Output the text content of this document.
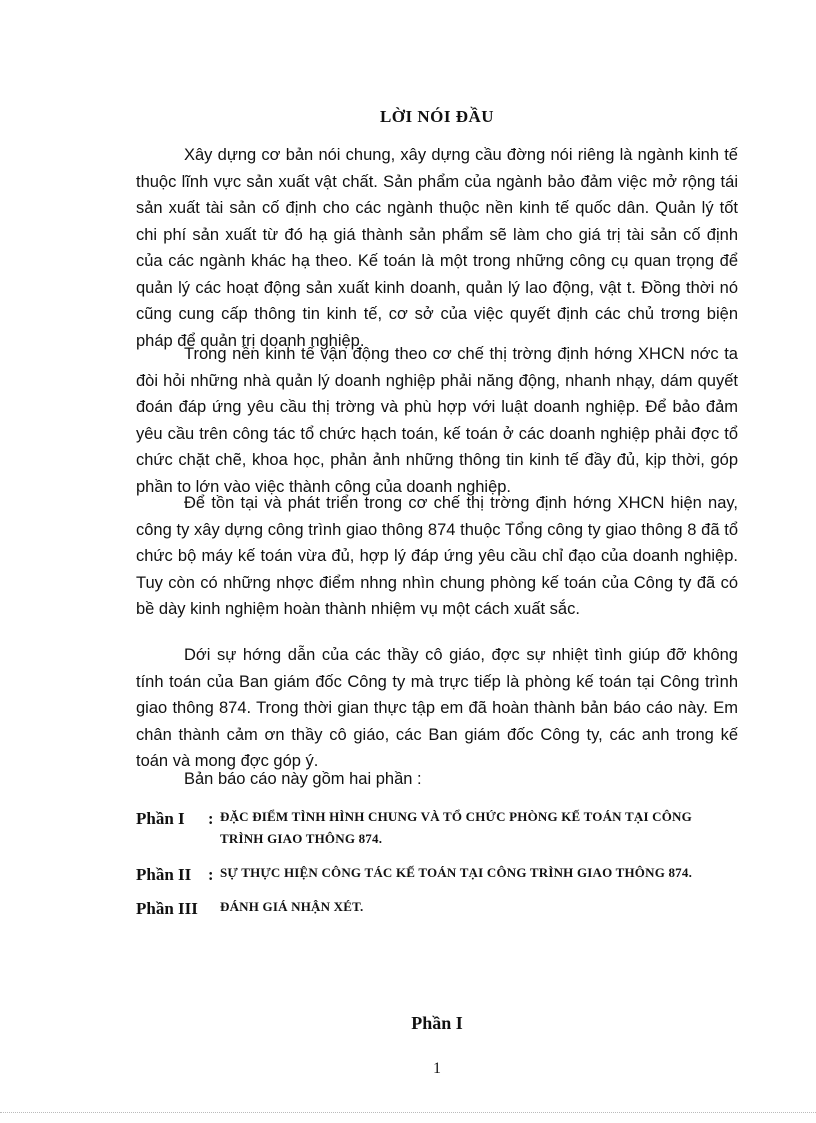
LỜI NÓI ĐẦU

Xây dựng cơ bản nói chung, xây dựng cầu đờng nói riêng là ngành kinh tế thuộc lĩnh vực sản xuất vật chất. Sản phẩm của ngành bảo đảm việc mở rộng tái sản xuất tài sản cố định cho các ngành thuộc nền kinh tế quốc dân. Quản lý tốt chi phí sản xuất từ đó hạ giá thành sản phẩm sẽ làm cho giá trị tài sản cố định của các ngành khác hạ theo. Kế toán là một trong những công cụ quan trọng để quản lý các hoạt động sản xuất kinh doanh, quản lý lao động, vật t. Đồng thời nó cũng cung cấp thông tin kinh tế, cơ sở của việc quyết định các chủ trơng biện pháp để quản trị doanh nghiệp.

Trong nền kinh tế vận động theo cơ chế thị trờng định hớng XHCN nớc ta đòi hỏi những nhà quản lý doanh nghiệp phải năng động, nhanh nhạy, dám quyết đoán đáp ứng yêu cầu thị trờng và phù hợp với luật doanh nghiệp. Để bảo đảm yêu cầu trên công tác tổ chức hạch toán, kế toán ở các doanh nghiệp phải đợc tổ chức chặt chẽ, khoa học, phản ảnh những thông tin kinh tế đầy đủ, kịp thời, góp phần to lớn vào việc thành công của doanh nghiệp.

Để tồn tại và phát triển trong cơ chế thị trờng định hớng XHCN hiện nay, công ty xây dựng công trình giao thông 874 thuộc Tổng công ty giao thông 8 đã tổ chức bộ máy kế toán vừa đủ, hợp lý đáp ứng yêu cầu chỉ đạo của doanh nghiệp. Tuy còn có những nhợc điểm nhng nhìn chung phòng kế toán của Công ty đã có bề dày kinh nghiệm hoàn thành nhiệm vụ một cách xuất sắc.

Dới sự hớng dẫn của các thầy cô giáo, đợc sự nhiệt tình giúp đỡ không tính toán của Ban giám đốc Công ty mà trực tiếp là phòng kế toán tại Công trình giao thông 874. Trong thời gian thực tập em đã hoàn thành bản báo cáo này. Em chân thành cảm ơn thầy cô giáo, các Ban giám đốc Công ty, các anh trong kế toán và mong đợc góp ý.

Bản báo cáo này gồm hai phần :

Phần I	: ĐẶC ĐIỂM TÌNH HÌNH CHUNG VÀ TỔ CHỨC PHÒNG KẾ TOÁN TẠI CÔNG TRÌNH GIAO THÔNG 874.
Phần II	: SỰ THỰC HIỆN CÔNG TÁC KẾ TOÁN TẠI CÔNG TRÌNH GIAO THÔNG 874.
Phần III	ĐÁNH GIÁ NHẬN XÉT.
Phần I
1
